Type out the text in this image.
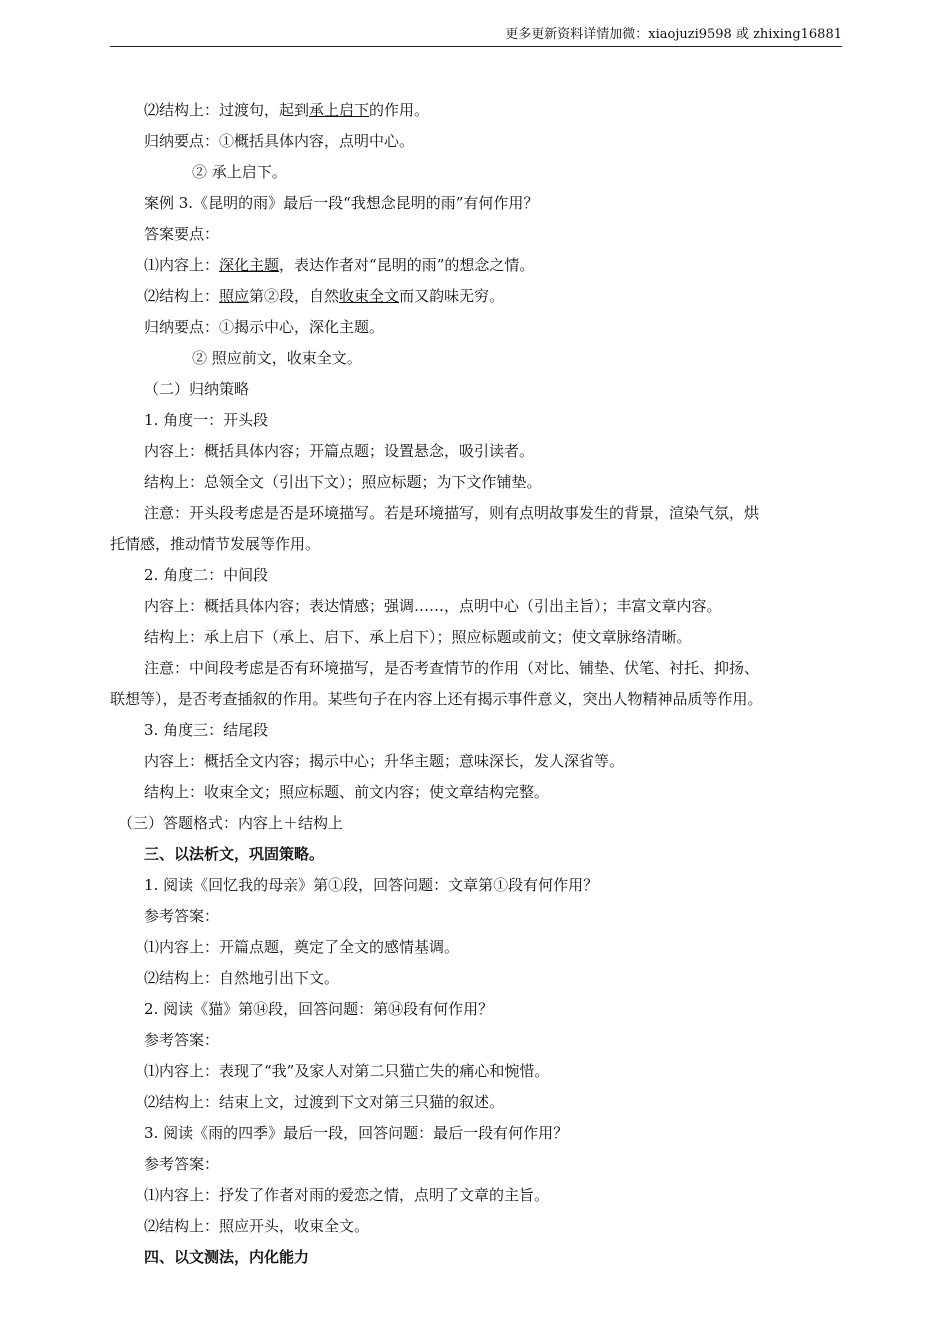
更多更新资料详情加微：xiaojuzi9598 或 zhixing16881
⑵结构上：过渡句，起到承上启下的作用。
归纳要点：①概括具体内容，点明中心。
② 承上启下。
案例 3.《昆明的雨》最后一段“我想念昆明的雨”有何作用？
答案要点：
⑴内容上：深化主题，表达作者对“昆明的雨”的想念之情。
⑵结构上：照应第②段，自然收束全文而又韵味无穷。
归纳要点：①揭示中心，深化主题。
② 照应前文，收束全文。
（二）归纳策略
1. 角度一：开头段
内容上：概括具体内容；开篇点题；设置悬念，吸引读者。
结构上：总领全文（引出下文）；照应标题；为下文作铺垫。
注意：开头段考虑是否是环境描写。若是环境描写，则有点明故事发生的背景，渲染气氛，烘
托情感，推动情节发展等作用。
2. 角度二：中间段
内容上：概括具体内容；表达情感；强调……，点明中心（引出主旨）；丰富文章内容。
结构上：承上启下（承上、启下、承上启下）；照应标题或前文；使文章脉络清晰。
注意：中间段考虑是否有环境描写，是否考查情节的作用（对比、铺垫、伏笔、衬托、抑扬、
联想等），是否考查插叙的作用。某些句子在内容上还有揭示事件意义，突出人物精神品质等作用。
3. 角度三：结尾段
内容上：概括全文内容；揭示中心；升华主题；意味深长，发人深省等。
结构上：收束全文；照应标题、前文内容；使文章结构完整。
（三）答题格式：内容上＋结构上
三、以法析文，巩固策略。
1. 阅读《回忆我的母亲》第①段，回答问题：文章第①段有何作用？
参考答案：
⑴内容上：开篇点题，奠定了全文的感情基调。
⑵结构上：自然地引出下文。
2. 阅读《猫》第⑭段，回答问题：第⑭段有何作用？
参考答案：
⑴内容上：表现了“我”及家人对第二只猫亡失的痛心和惋惜。
⑵结构上：结束上文，过渡到下文对第三只猫的叙述。
3. 阅读《雨的四季》最后一段，回答问题：最后一段有何作用？
参考答案：
⑴内容上：抒发了作者对雨的爱恋之情，点明了文章的主旨。
⑵结构上：照应开头，收束全文。
四、以文测法，内化能力
